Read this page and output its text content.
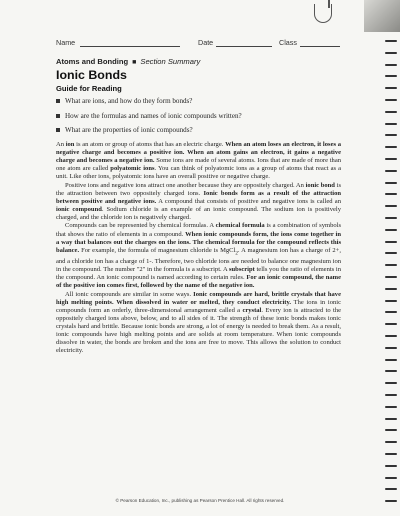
Name	Date	Class
Atoms and Bonding ■ Section Summary
Ionic Bonds
Guide for Reading
What are ions, and how do they form bonds?
How are the formulas and names of ionic compounds written?
What are the properties of ionic compounds?

An ion is an atom or group of atoms that has an electric charge. When an atom loses an electron, it loses a negative charge and becomes a positive ion. When an atom gains an electron, it gains a negative charge and becomes a negative ion. Some ions are made of several atoms. Ions that are made of more than one atom are called polyatomic ions. You can think of polyatomic ions as a group of atoms that react as a unit. Like other ions, polyatomic ions have an overall positive or negative charge.

Positive ions and negative ions attract one another because they are oppositely charged. An ionic bond is the attraction between two oppositely charged ions. Ionic bonds form as a result of the attraction between positive and negative ions. A compound that consists of positive and negative ions is called an ionic compound. Sodium chloride is an example of an ionic compound. The sodium ion is positively charged, and the chloride ion is negatively charged.

Compounds can be represented by chemical formulas. A chemical formula is a combination of symbols that shows the ratio of elements in a compound. When ionic compounds form, the ions come together in a way that balances out the charges on the ions. The chemical formula for the compound reflects this balance. For example, the formula of magnesium chloride is MgCl$_2$. A magnesium ion has a charge of 2+, and a chloride ion has a charge of 1-. Therefore, two chloride ions are needed to balance one magnesium ion in the compound. The number "2" in the formula is a subscript. A subscript tells you the ratio of elements in the compound. An ionic compound is named according to certain rules. For an ionic compound, the name of the positive ion comes first, followed by the name of the negative ion.

All ionic compounds are similar in some ways. Ionic compounds are hard, brittle crystals that have high melting points. When dissolved in water or melted, they conduct electricity. The ions in ionic compounds form an orderly, three-dimensional arrangement called a crystal. Every ion is attracted to the oppositely charged ions above, below, and to all sides of it. The strength of these ionic bonds makes ionic crystals hard and brittle. Because ionic bonds are strong, a lot of energy is needed to break them. As a result, ionic compounds have high melting points and are solids at room temperature. When ionic compounds dissolve in water, the bonds are broken and the ions are free to move. This allows the solution to conduct electricity.

© Pearson Education, Inc., publishing as Pearson Prentice Hall. All rights reserved.
